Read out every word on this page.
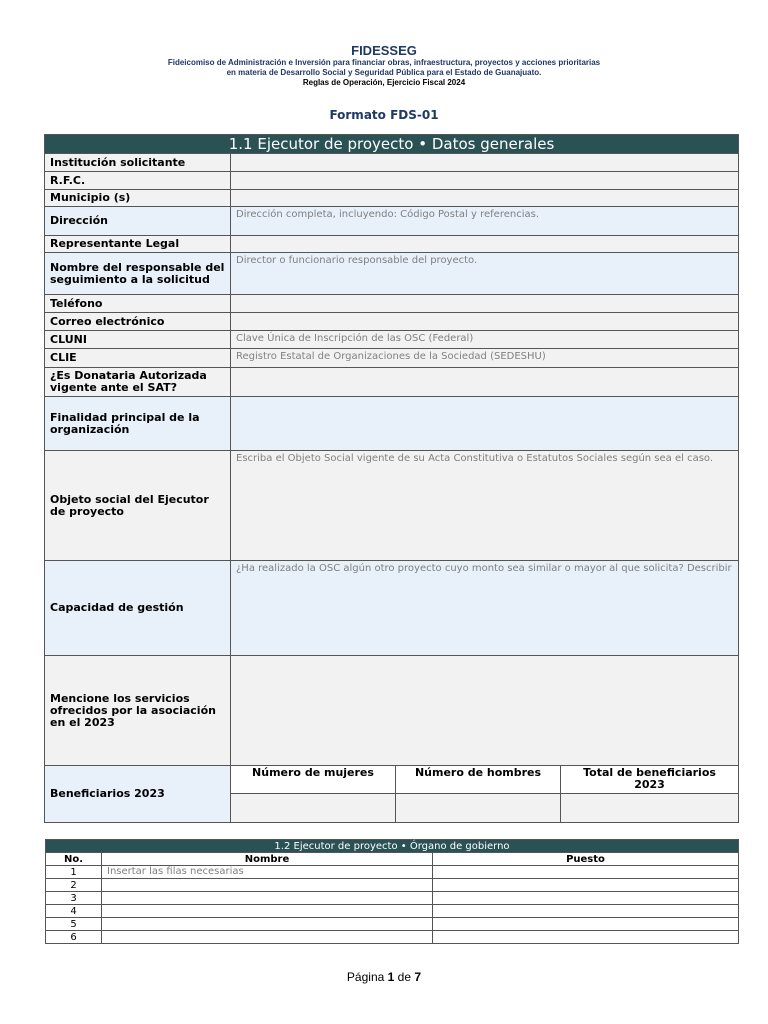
FIDESSEG
Fideicomiso de Administración e Inversión para financiar obras, infraestructura, proyectos y acciones prioritarias
en materia de Desarrollo Social y Seguridad Pública para el Estado de Guanajuato.
Reglas de Operación, Ejercicio Fiscal 2024
Formato FDS-01
1.1 Ejecutor de proyecto • Datos generales			
Institución solicitante			
R.F.C.			
Municipio (s)			
Dirección	Dirección completa, incluyendo: Código Postal y referencias.		
Representante Legal			
Nombre del responsable del seguimiento a la solicitud	Director o funcionario responsable del proyecto.		
Teléfono			
Correo electrónico			
CLUNI	Clave Única de Inscripción de las OSC (Federal)		
CLIE	Registro Estatal de Organizaciones de la Sociedad (SEDESHU)		
¿Es Donataria Autorizada vigente ante el SAT?			
Finalidad principal de la organización			
Objeto social del Ejecutor de proyecto	Escriba el Objeto Social vigente de su Acta Constitutiva o Estatutos Sociales según sea el caso.		
Capacidad de gestión	¿Ha realizado la OSC algún otro proyecto cuyo monto sea similar o mayor al que solicita? Describir		
Mencione los servicios ofrecidos por la asociación en el 2023			
Beneficiarios 2023	Número de mujeres	Número de hombres	Total de beneficiarios 2023

1.2 Ejecutor de proyecto • Órgano de gobierno		
No.	Nombre	Puesto
1	Insertar las filas necesarias	
2		
3		
4		
5		
6		
Página 1 de 7
